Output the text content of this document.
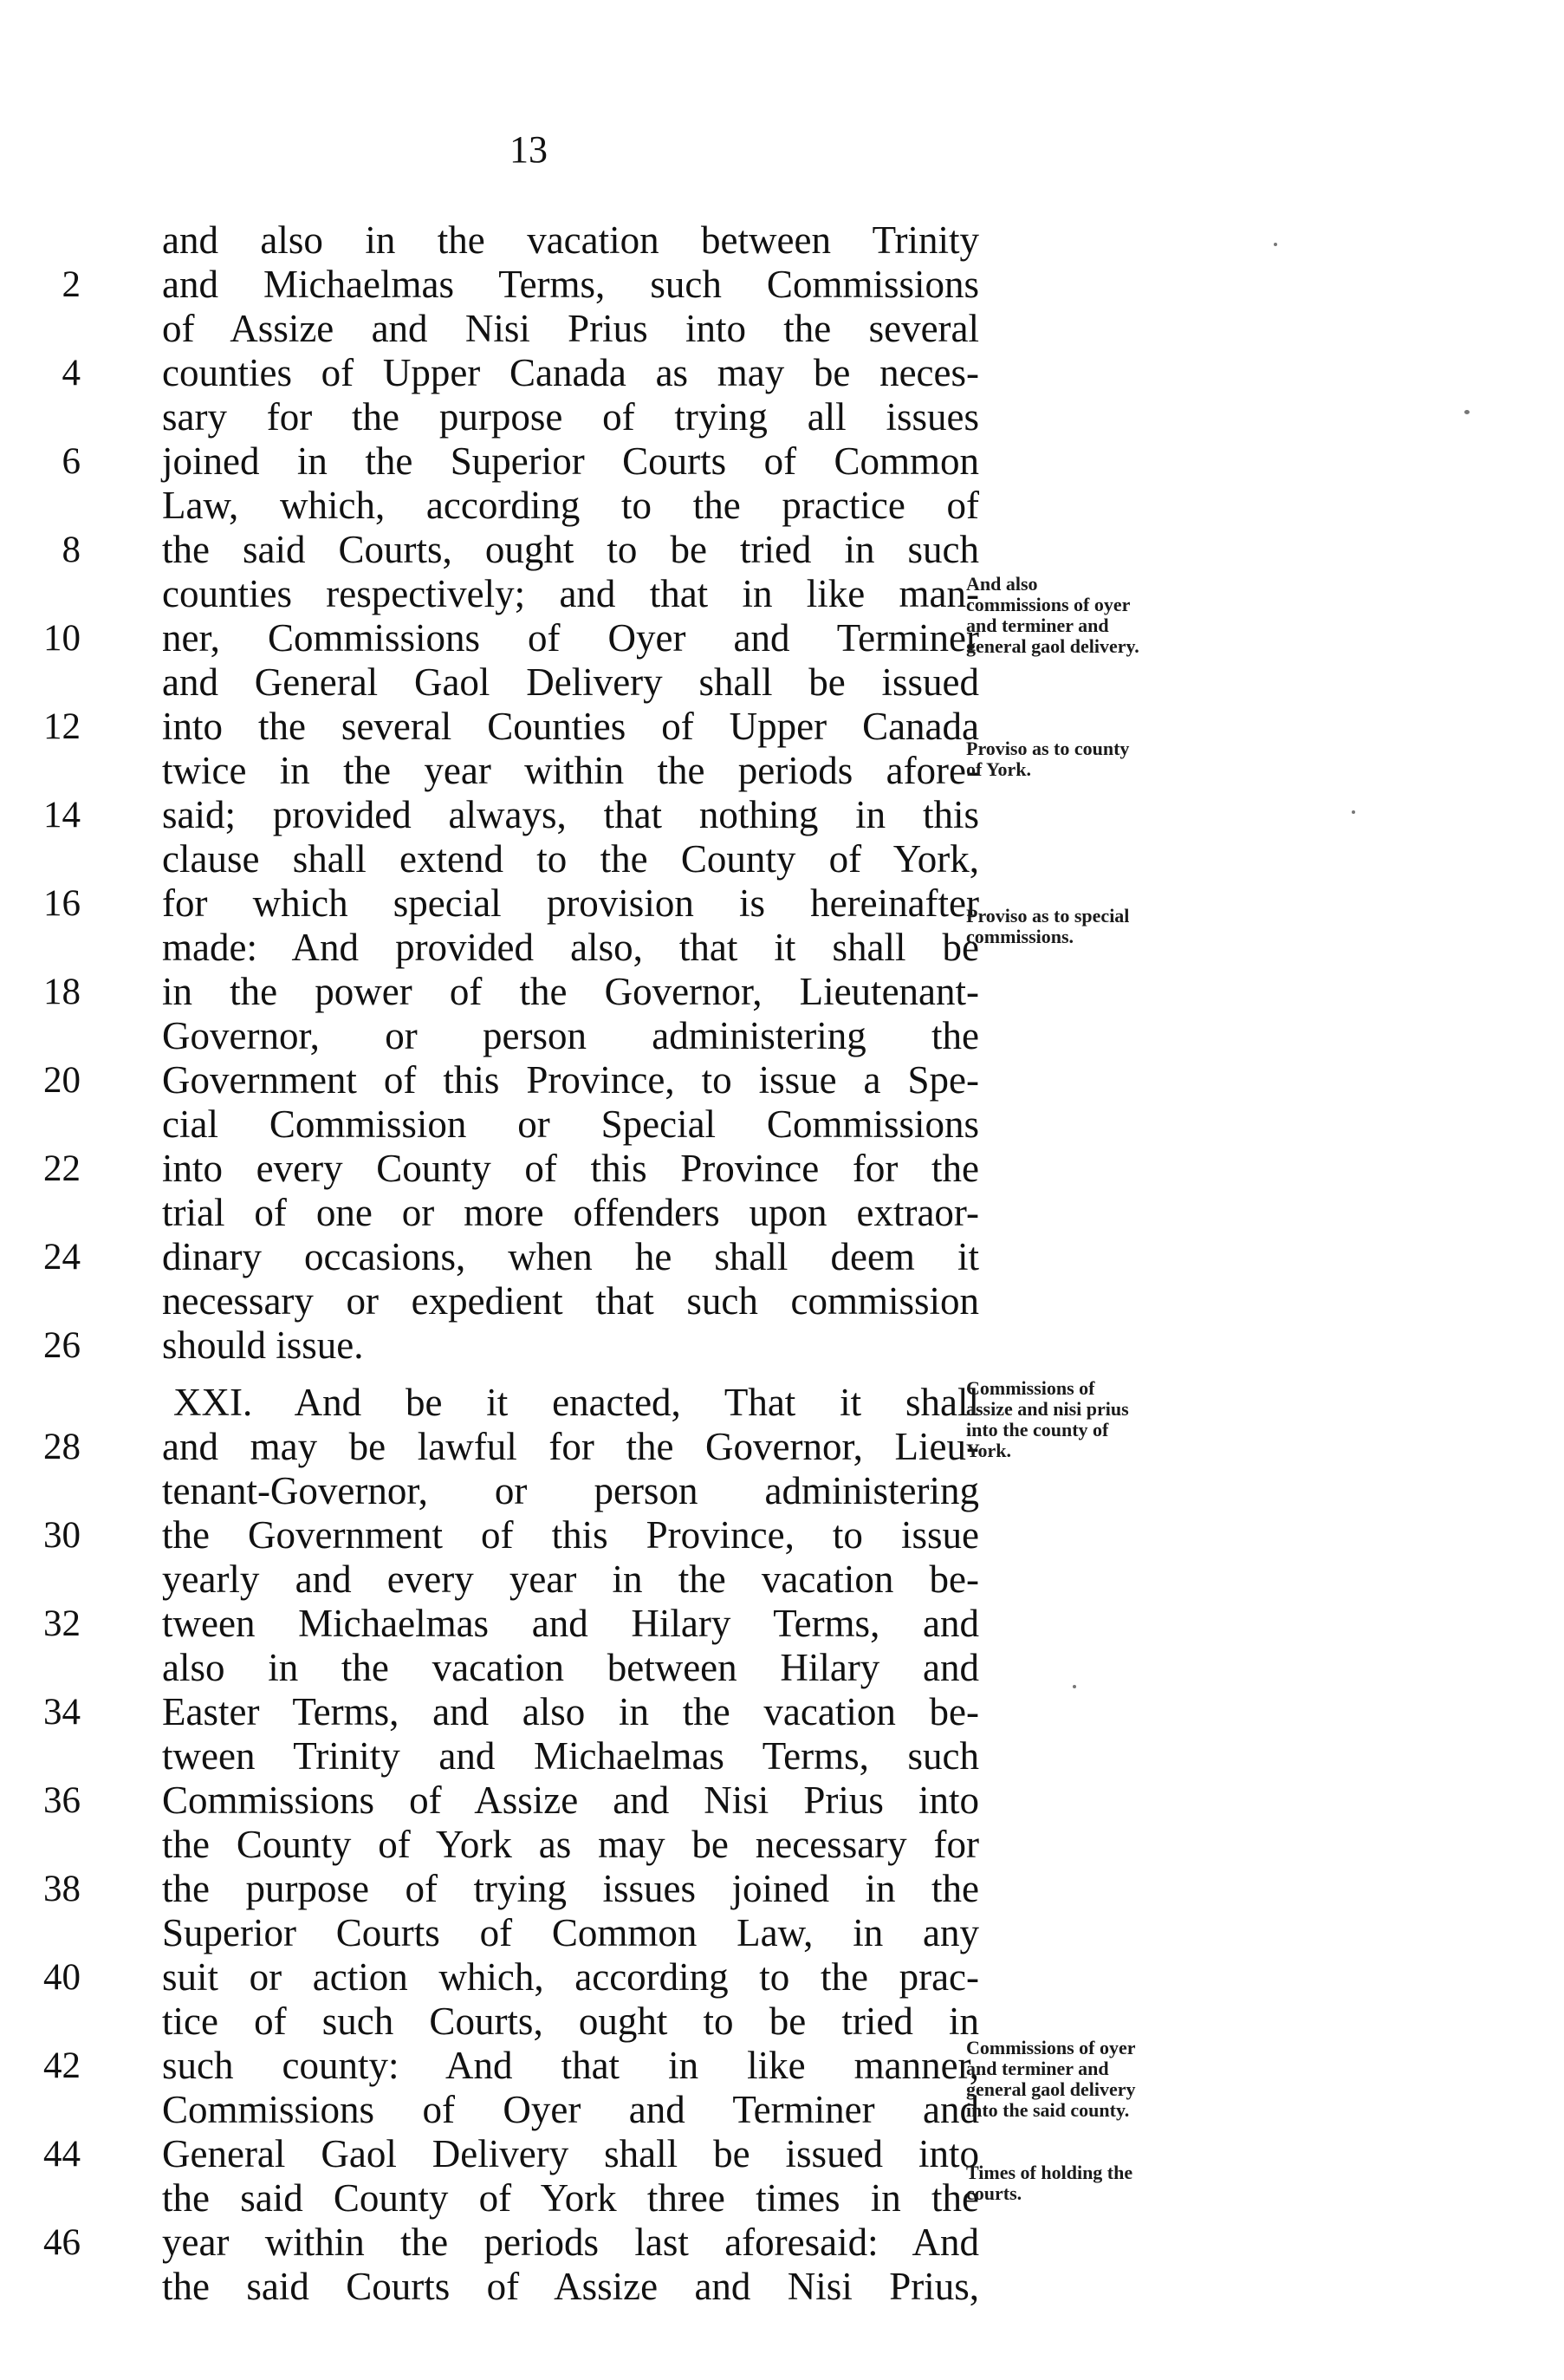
13
and also in the vacation between Trinity
2 and Michaelmas Terms, such Commissions
of Assize and Nisi Prius into the several
4 counties of Upper Canada as may be neces-
sary for the purpose of trying all issues
6 joined in the Superior Courts of Common
Law, which, according to the practice of
8 the said Courts, ought to be tried in such
counties respectively; and that in like man-
10 ner, Commissions of Oyer and Terminer
and General Gaol Delivery shall be issued
12 into the several Counties of Upper Canada
twice in the year within the periods afore-
14 said; provided always, that nothing in this
clause shall extend to the County of York,
16 for which special provision is hereinafter
made: And provided also, that it shall be
18 in the power of the Governor, Lieutenant-
Governor, or person administering the
20 Government of this Province, to issue a Spe-
cial Commission or Special Commissions
22 into every County of this Province for the
trial of one or more offenders upon extraor-
24 dinary occasions, when he shall deem it
necessary or expedient that such commission
26 should issue.
XXI. And be it enacted, That it shall
28 and may be lawful for the Governor, Lieu-
tenant-Governor, or person administering
30 the Government of this Province, to issue
yearly and every year in the vacation be-
32 tween Michaelmas and Hilary Terms, and
also in the vacation between Hilary and
34 Easter Terms, and also in the vacation be-
tween Trinity and Michaelmas Terms, such
36 Commissions of Assize and Nisi Prius into
the County of York as may be necessary for
38 the purpose of trying issues joined in the
Superior Courts of Common Law, in any
40 suit or action which, according to the prac-
tice of such Courts, ought to be tried in
42 such county: And that in like manner,
Commissions of Oyer and Terminer and
44 General Gaol Delivery shall be issued into
the said County of York three times in the
46 year within the periods last aforesaid: And
the said Courts of Assize and Nisi Prius,
And also commissions of oyer and terminer and general gaol delivery.
Proviso as to county of York.
Proviso as to special commissions.
Commissions of assize and nisi prius into the county of York.
Commissions of oyer and terminer and general gaol delivery into the said county.
Times of holding the courts.
